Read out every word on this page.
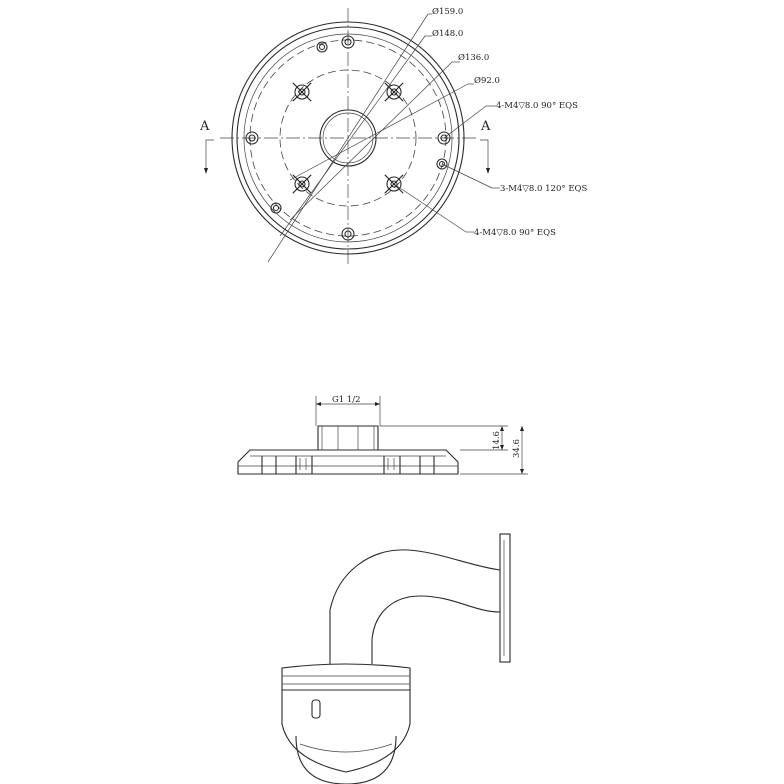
Ø159.0
Ø148.0
Ø136.0
Ø92.0
4-M4▽8.0 90° EQS
3-M4▽8.0 120° EQS
4-M4▽8.0 90° EQS
A	A
G1 1/2
14.6 34.6
